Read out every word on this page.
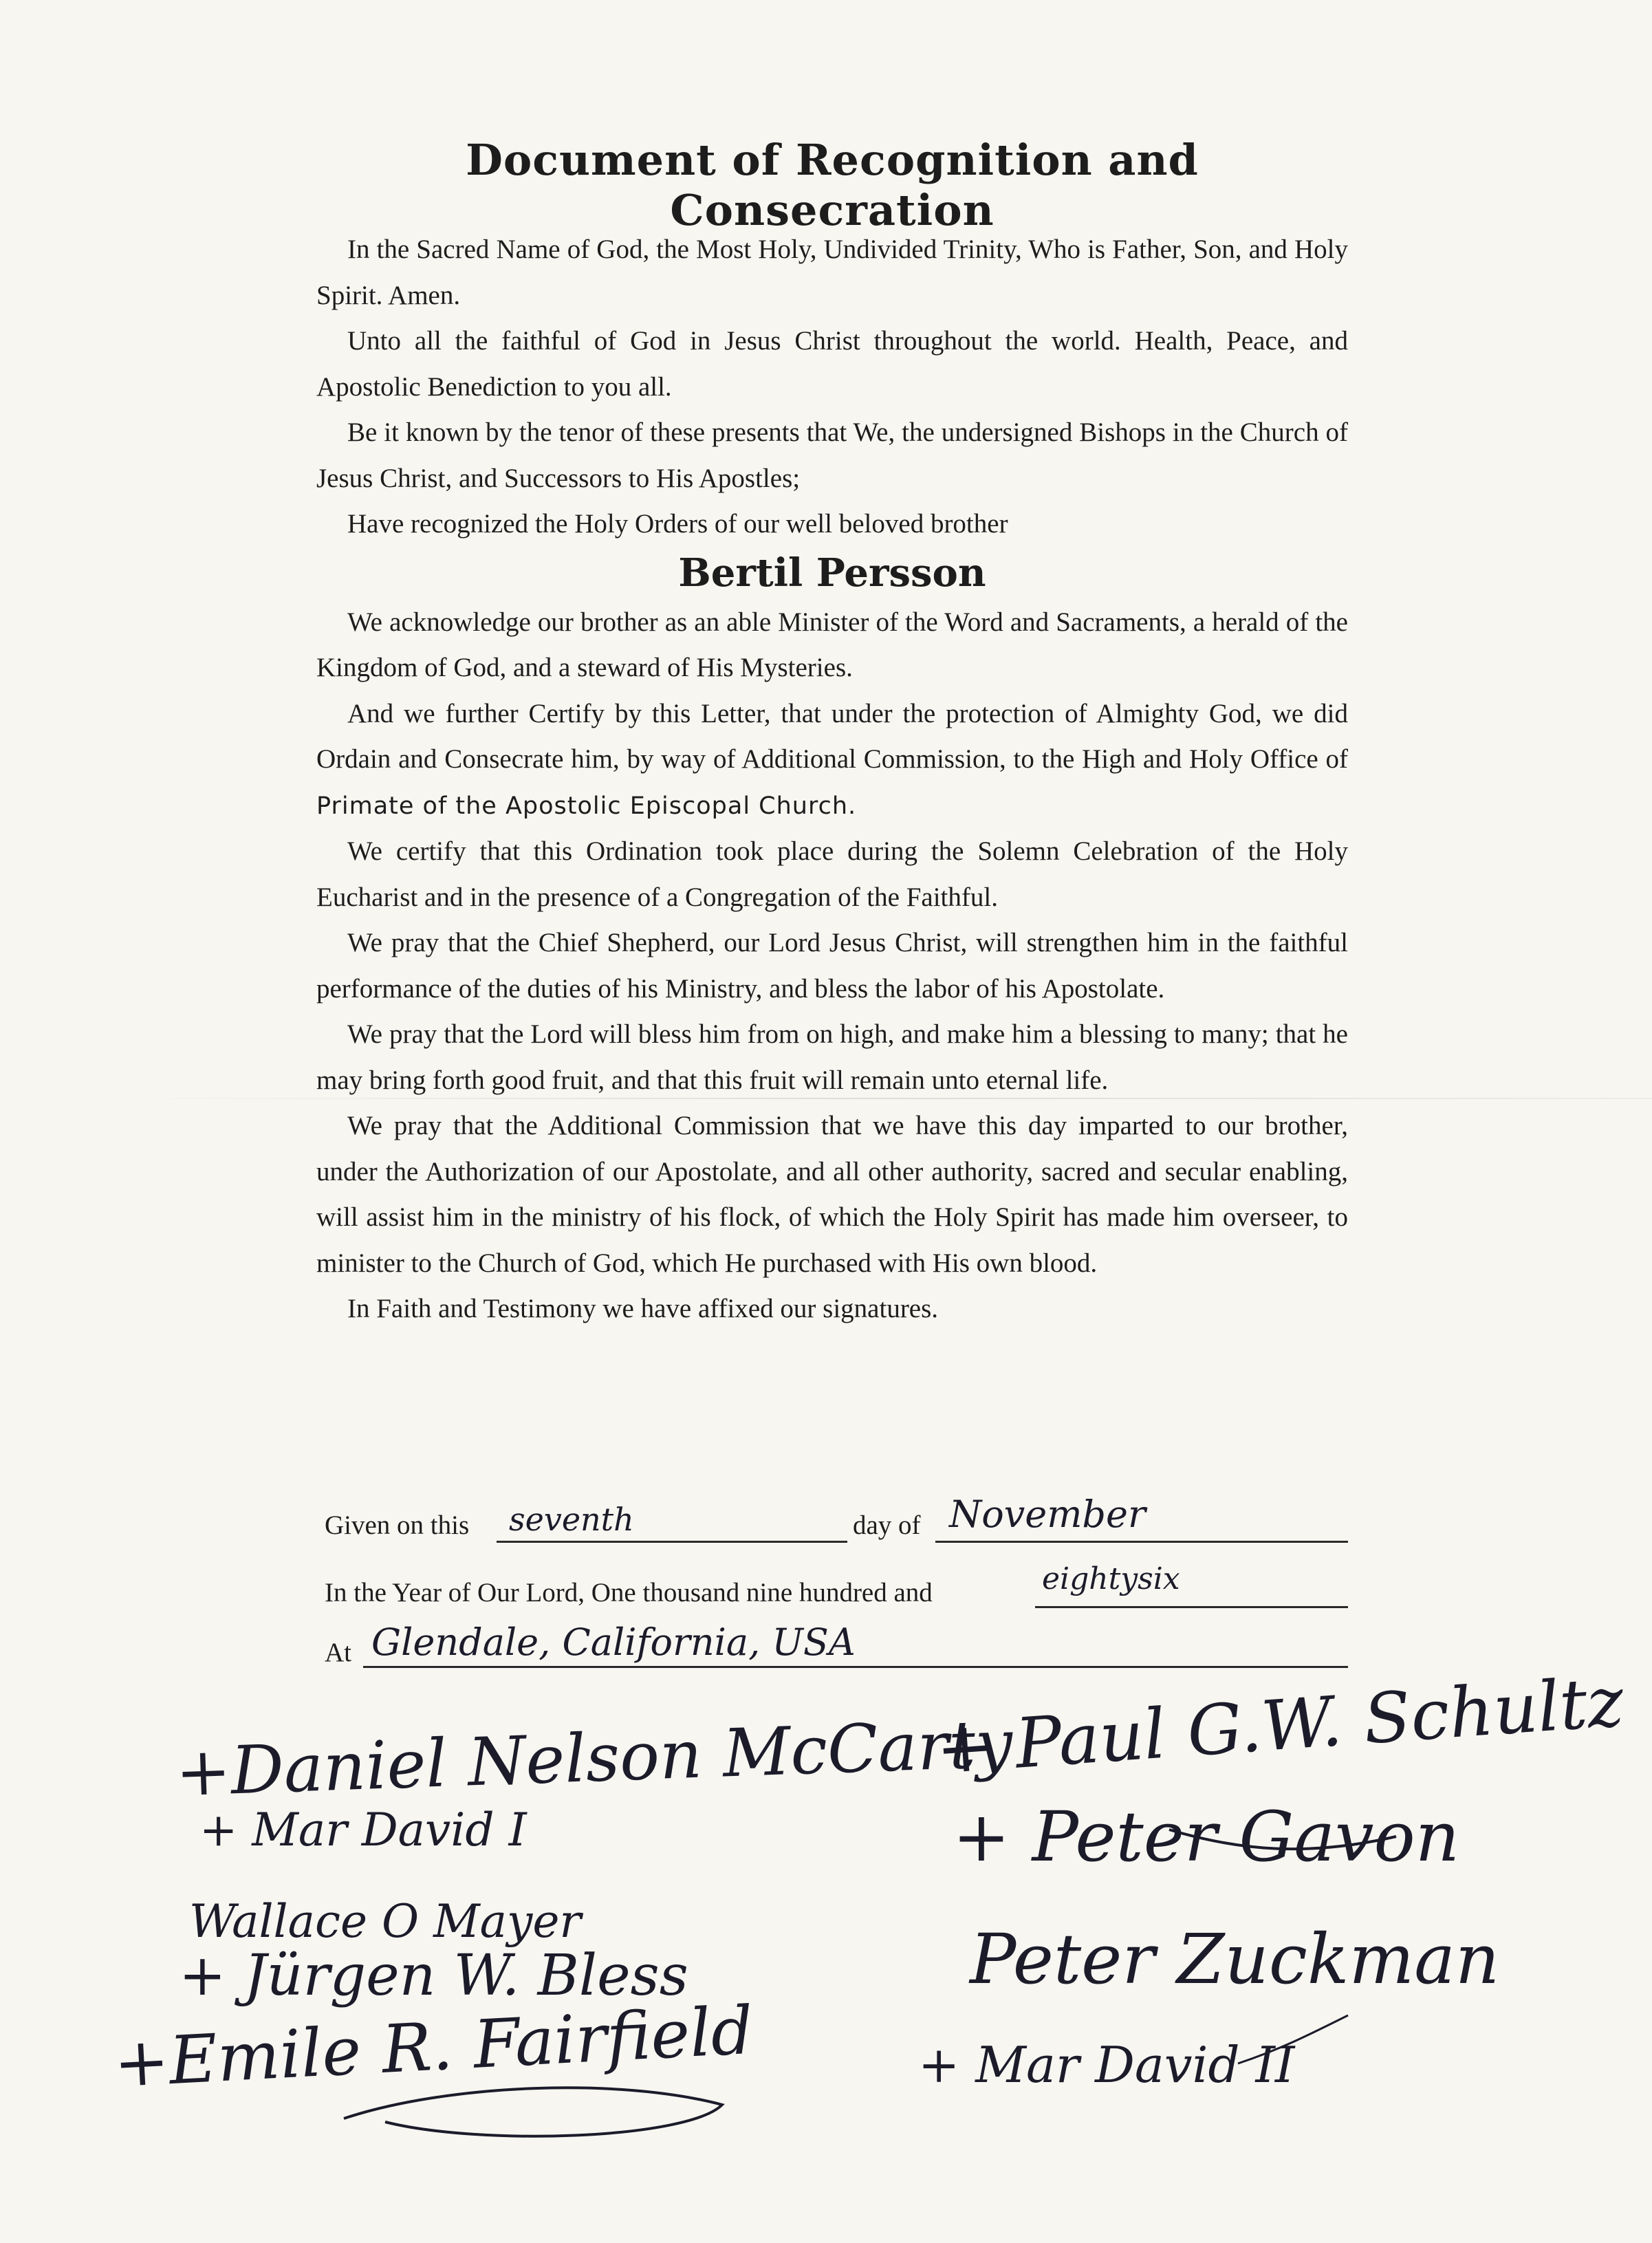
Document of Recognition and Consecration

In the Sacred Name of God, the Most Holy, Undivided Trinity, Who is Father, Son, and Holy Spirit. Amen.

Unto all the faithful of God in Jesus Christ throughout the world. Health, Peace, and Apostolic Benediction to you all.

Be it known by the tenor of these presents that We, the undersigned Bishops in the Church of Jesus Christ, and Successors to His Apostles;

Have recognized the Holy Orders of our well beloved brother

Bertil Persson

We acknowledge our brother as an able Minister of the Word and Sacraments, a herald of the Kingdom of God, and a steward of His Mysteries.

And we further Certify by this Letter, that under the protection of Almighty God, we did Ordain and Consecrate him, by way of Additional Commission, to the High and Holy Office of Primate of the Apostolic Episcopal Church.

We certify that this Ordination took place during the Solemn Celebration of the Holy Eucharist and in the presence of a Congregation of the Faithful.

We pray that the Chief Shepherd, our Lord Jesus Christ, will strengthen him in the faithful performance of the duties of his Ministry, and bless the labor of his Apostolate.

We pray that the Lord will bless him from on high, and make him a blessing to many; that he may bring forth good fruit, and that this fruit will remain unto eternal life.

We pray that the Additional Commission that we have this day imparted to our brother, under the Authorization of our Apostolate, and all other authority, sacred and secular enabling, will assist him in the ministry of his flock, of which the Holy Spirit has made him overseer, to minister to the Church of God, which He purchased with His own blood.

In Faith and Testimony we have affixed our signatures.

Given on this seventh	day of November
In the Year of Our Lord, One thousand nine hundred and	eightysix
At Glendale, California, USA
+Daniel Nelson McCarty
+ Mar David I
Wallace O Mayer
+ Jürgen W. Bless
+Emile R. Fairfield
+ Paul G.W. Schultz
+ Peter Gavon
Peter Zuckman
+ Mar David II
